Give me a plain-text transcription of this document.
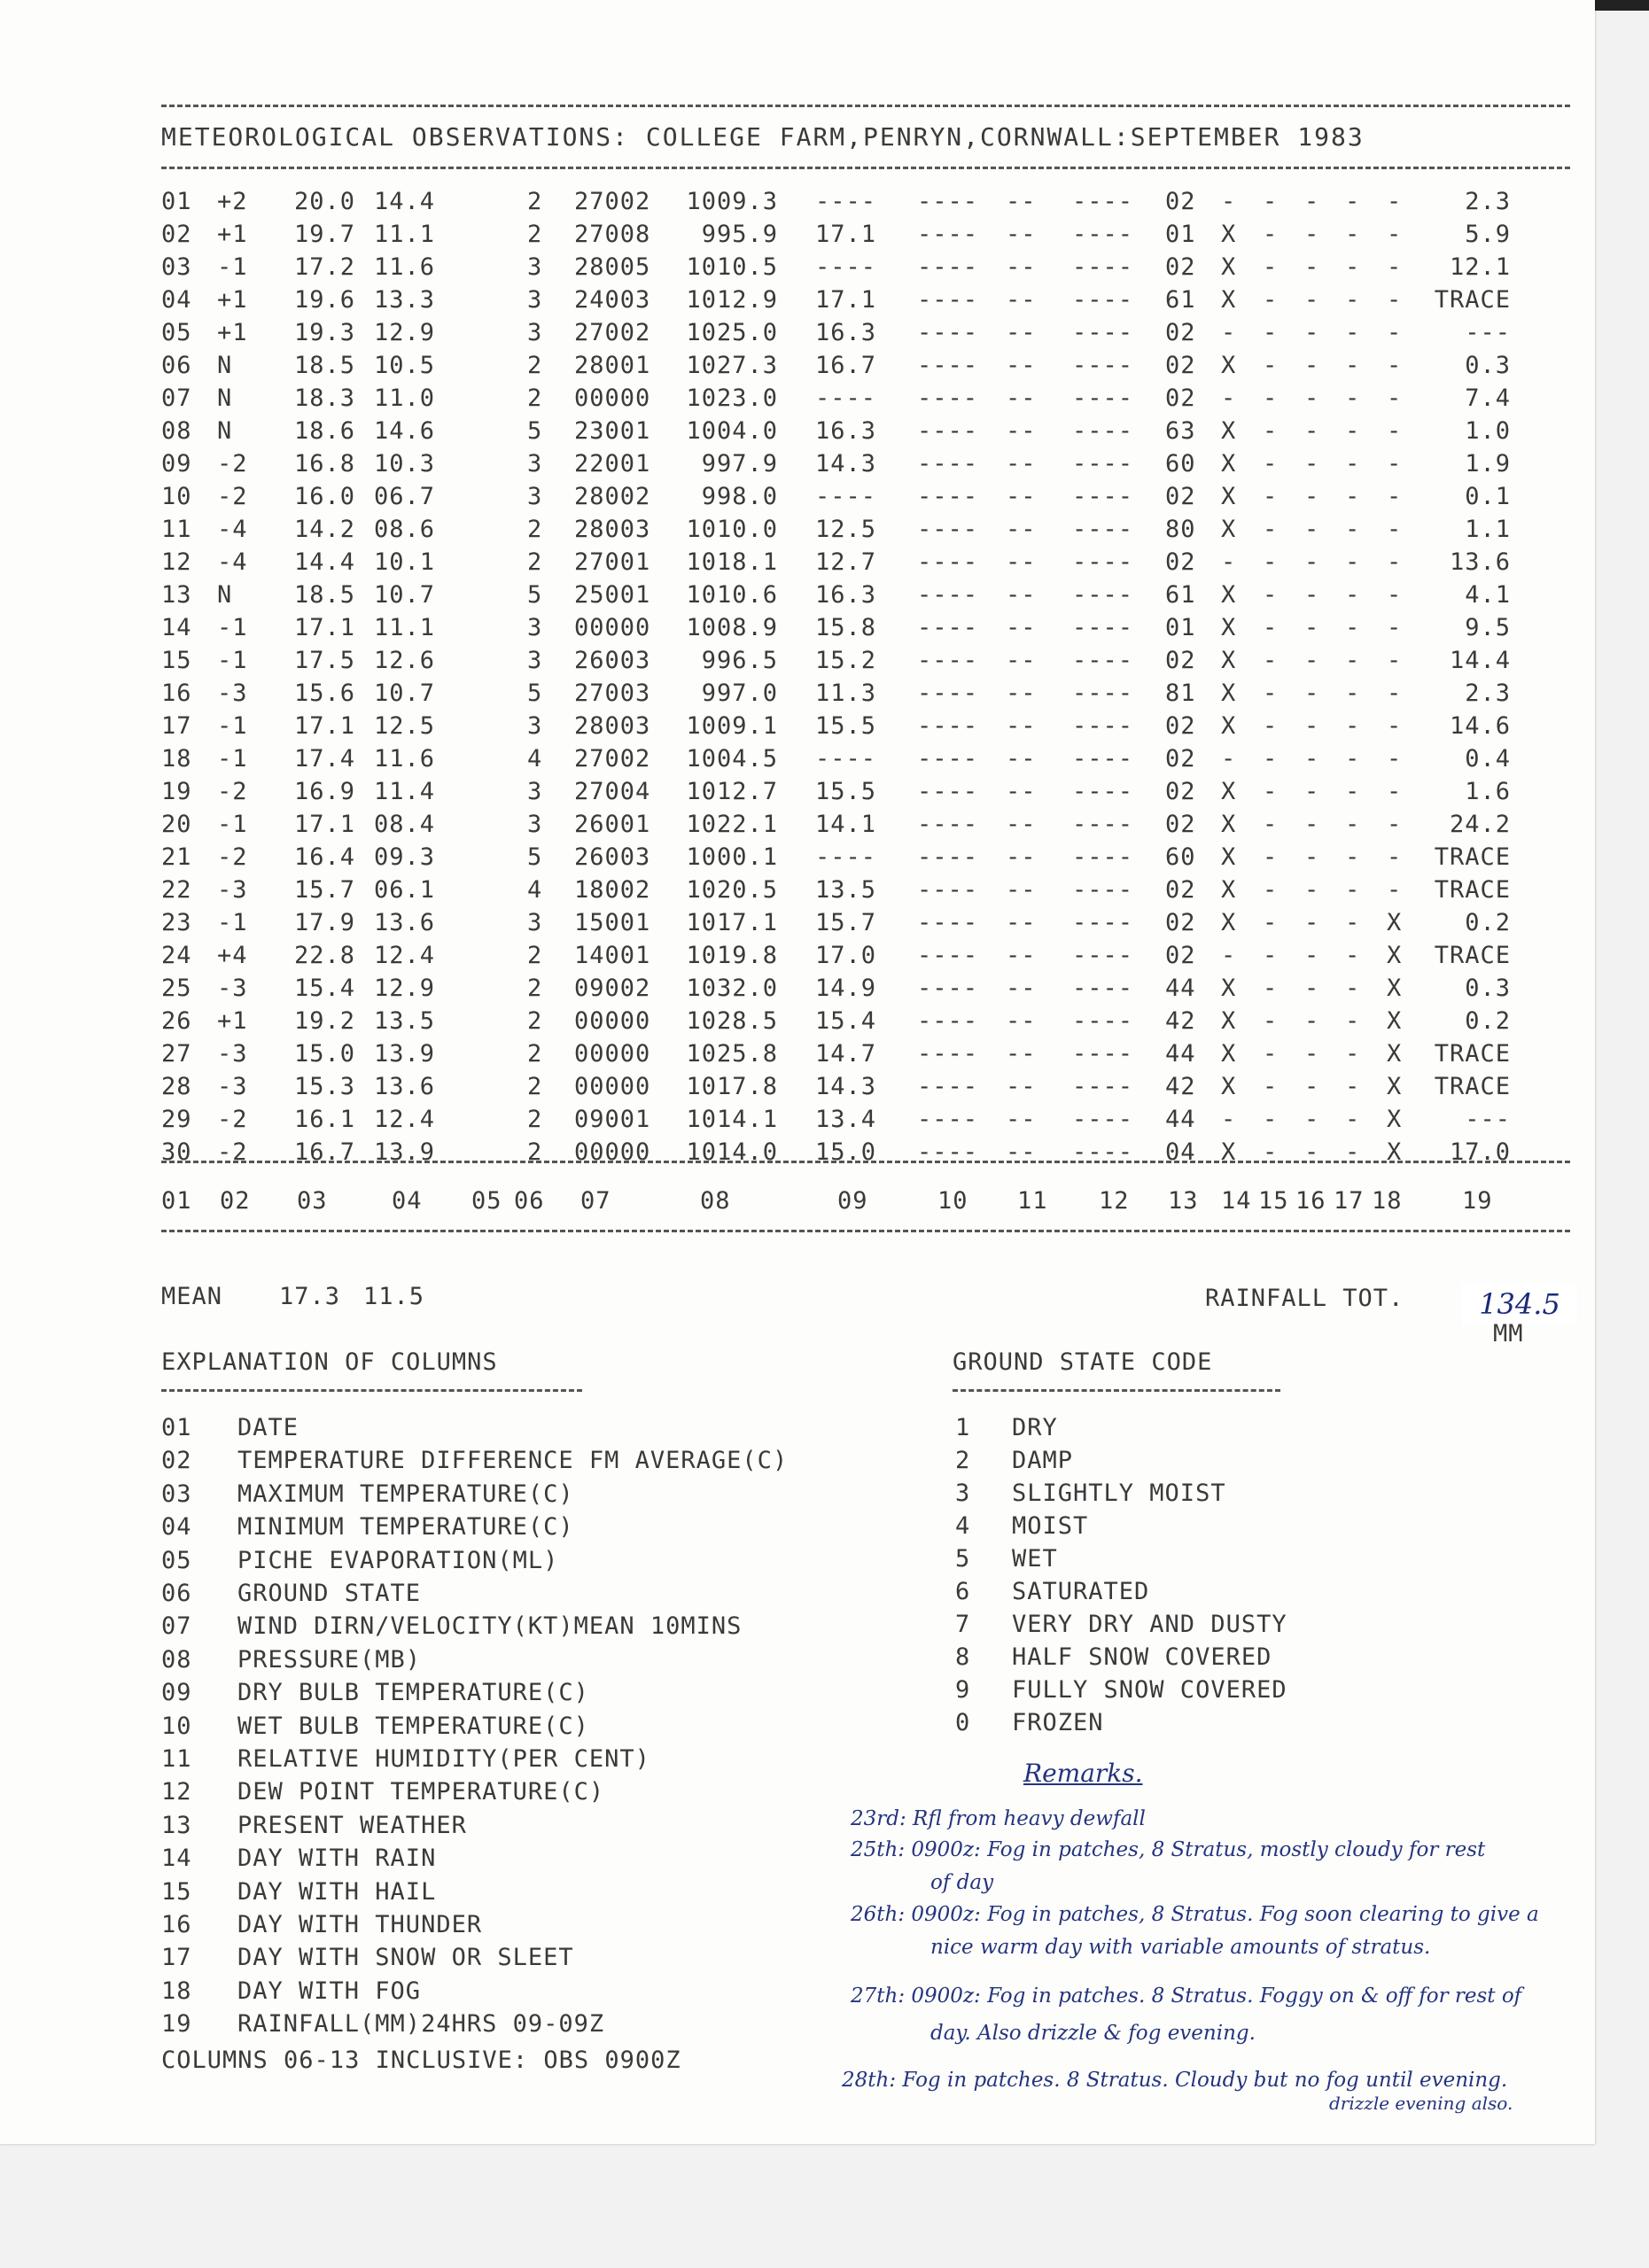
METEOROLOGICAL OBSERVATIONS: COLLEGE FARM,PENRYN,CORNWALL:SEPTEMBER 1983
01 +2 20.0 14.4	2 27002 1009.3 ---- ---- -- ---- 02 - - - - -	2.3
02 +1 19.7 11.1	2 27008 995.9 17.1 ---- -- ---- 01 X - - - -	5.9
03 -1 17.2 11.6	3 28005 1010.5 ---- ---- -- ---- 02 X - - - - 12.1
04 +1 19.6 13.3	3 24003 1012.9 17.1 ---- -- ---- 61 X - - - - TRACE
05 +1 19.3 12.9	3 27002 1025.0 16.3 ---- -- ---- 02 - - - - -	---
06 N	18.5 10.5	2 28001 1027.3 16.7 ---- -- ---- 02 X - - - -	0.3
07 N	18.3 11.0	2 00000 1023.0 ---- ---- -- ---- 02 - - - - -	7.4
08 N	18.6 14.6	5 23001 1004.0 16.3 ---- -- ---- 63 X - - - -	1.0
09 -2 16.8 10.3	3 22001 997.9 14.3 ---- -- ---- 60 X - - - -	1.9
10 -2 16.0 06.7	3 28002 998.0 ---- ---- -- ---- 02 X - - - -	0.1
11 -4 14.2 08.6	2 28003 1010.0 12.5 ---- -- ---- 80 X - - - -	1.1
12 -4 14.4 10.1	2 27001 1018.1 12.7 ---- -- ---- 02 - - - - - 13.6
13 N	18.5 10.7	5 25001 1010.6 16.3 ---- -- ---- 61 X - - - -	4.1
14 -1 17.1 11.1	3 00000 1008.9 15.8 ---- -- ---- 01 X - - - -	9.5
15 -1 17.5 12.6	3 26003 996.5 15.2 ---- -- ---- 02 X - - - - 14.4
16 -3 15.6 10.7	5 27003 997.0 11.3 ---- -- ---- 81 X - - - -	2.3
17 -1 17.1 12.5	3 28003 1009.1 15.5 ---- -- ---- 02 X - - - - 14.6
18 -1 17.4 11.6	4 27002 1004.5 ---- ---- -- ---- 02 - - - - -	0.4
19 -2 16.9 11.4	3 27004 1012.7 15.5 ---- -- ---- 02 X - - - -	1.6
20 -1 17.1 08.4	3 26001 1022.1 14.1 ---- -- ---- 02 X - - - - 24.2
21 -2 16.4 09.3	5 26003 1000.1 ---- ---- -- ---- 60 X - - - - TRACE
22 -3 15.7 06.1	4 18002 1020.5 13.5 ---- -- ---- 02 X - - - - TRACE
23 -1 17.9 13.6	3 15001 1017.1 15.7 ---- -- ---- 02 X - - - X	0.2
24 +4 22.8 12.4	2 14001 1019.8 17.0 ---- -- ---- 02 - - - - X TRACE
25 -3 15.4 12.9	2 09002 1032.0 14.9 ---- -- ---- 44 X - - - X	0.3
26 +1 19.2 13.5	2 00000 1028.5 15.4 ---- -- ---- 42 X - - - X	0.2
27 -3 15.0 13.9	2 00000 1025.8 14.7 ---- -- ---- 44 X - - - X TRACE
28 -3 15.3 13.6	2 00000 1017.8 14.3 ---- -- ---- 42 X - - - X TRACE
29 -2 16.1 12.4	2 09001 1014.1 13.4 ---- -- ---- 44 - - - - X	---
30 -2 16.7 13.9	2 00000 1014.0 15.0 ---- -- ---- 04 X - - - X 17.0
01 02 03	04 05 06 07	08	09	10 11 12 13 14 15 16 17 18 19
MEAN 17.3 11.5	RAINFALL TOT.	134.5
MM
EXPLANATION OF COLUMNS
01 DATE
02 TEMPERATURE DIFFERENCE FM AVERAGE(C)
03 MAXIMUM TEMPERATURE(C)
04 MINIMUM TEMPERATURE(C)
05 PICHE EVAPORATION(ML)
06 GROUND STATE
07 WIND DIRN/VELOCITY(KT)MEAN 10MINS
08 PRESSURE(MB)
09 DRY BULB TEMPERATURE(C)
10 WET BULB TEMPERATURE(C)
11 RELATIVE HUMIDITY(PER CENT)
12 DEW POINT TEMPERATURE(C)
13 PRESENT WEATHER
14 DAY WITH RAIN
15 DAY WITH HAIL
16 DAY WITH THUNDER
17 DAY WITH SNOW OR SLEET
18 DAY WITH FOG
19 RAINFALL(MM)24HRS 09-09Z
GROUND STATE CODE
1 DRY
2 DAMP
3 SLIGHTLY MOIST
4 MOIST
5 WET
6 SATURATED
7 VERY DRY AND DUSTY
8 HALF SNOW COVERED
9 FULLY SNOW COVERED
0 FROZEN
COLUMNS 06-13 INCLUSIVE: OBS 0900Z
Remarks.
23rd: Rfl from heavy dewfall
25th: 0900z: Fog in patches, 8 Stratus, mostly cloudy for rest
of day
26th: 0900z: Fog in patches, 8 Stratus. Fog soon clearing to give a
nice warm day with variable amounts of stratus.
27th: 0900z: Fog in patches. 8 Stratus. Foggy on & off for rest of
day. Also drizzle & fog evening.
28th: Fog in patches. 8 Stratus. Cloudy but no fog until evening.
drizzle evening also.
